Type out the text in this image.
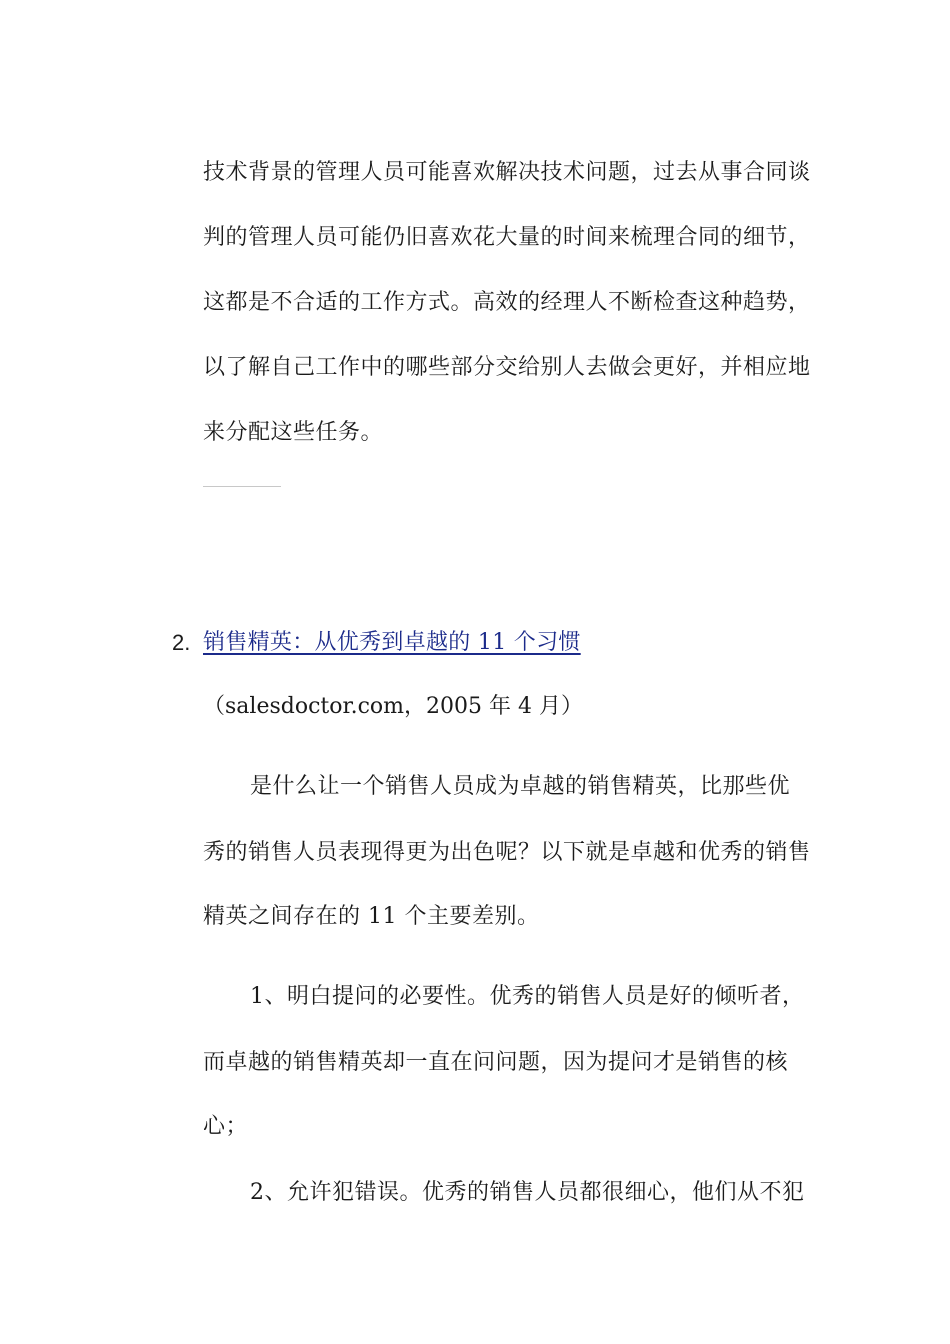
技术背景的管理人员可能喜欢解决技术问题，过去从事合同谈
判的管理人员可能仍旧喜欢花大量的时间来梳理合同的细节，
这都是不合适的工作方式。高效的经理人不断检查这种趋势，
以了解自己工作中的哪些部分交给别人去做会更好，并相应地
来分配这些任务。
2. 销售精英：从优秀到卓越的 11 个习惯
（salesdoctor.com，2005 年 4 月）
是什么让一个销售人员成为卓越的销售精英，比那些优
秀的销售人员表现得更为出色呢？以下就是卓越和优秀的销售
精英之间存在的 11 个主要差别。
1、明白提问的必要性。优秀的销售人员是好的倾听者，
而卓越的销售精英却一直在问问题，因为提问才是销售的核
心；
2、允许犯错误。优秀的销售人员都很细心，他们从不犯
